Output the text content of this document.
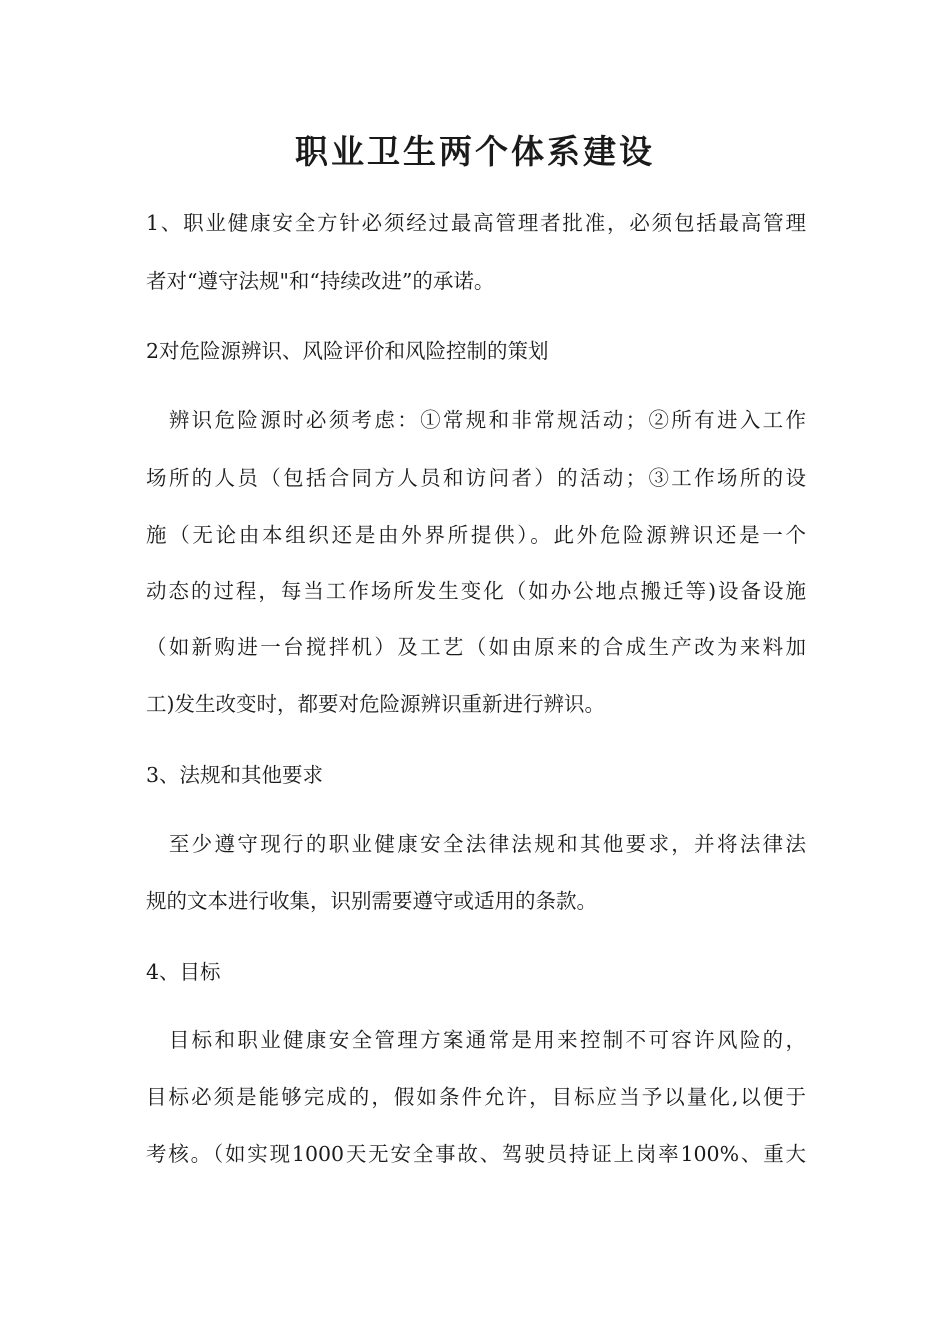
职业卫生两个体系建设
1、职业健康安全方针必须经过最高管理者批准，必须包括最高管理
者对“遵守法规"和“持续改进”的承诺。
2对危险源辨识、风险评价和风险控制的策划
　辨识危险源时必须考虑：①常规和非常规活动；②所有进入工作
场所的人员（包括合同方人员和访问者）的活动；③工作场所的设
施（无论由本组织还是由外界所提供）。此外危险源辨识还是一个
动态的过程，每当工作场所发生变化（如办公地点搬迁等)设备设施
（如新购进一台搅拌机）及工艺（如由原来的合成生产改为来料加
工)发生改变时，都要对危险源辨识重新进行辨识。
3、法规和其他要求
　至少遵守现行的职业健康安全法律法规和其他要求，并将法律法
规的文本进行收集，识别需要遵守或适用的条款。
4、目标
　目标和职业健康安全管理方案通常是用来控制不可容许风险的，
目标必须是能够完成的，假如条件允许，目标应当予以量化,以便于
考核。（如实现1000天无安全事故、驾驶员持证上岗率100%、重大
